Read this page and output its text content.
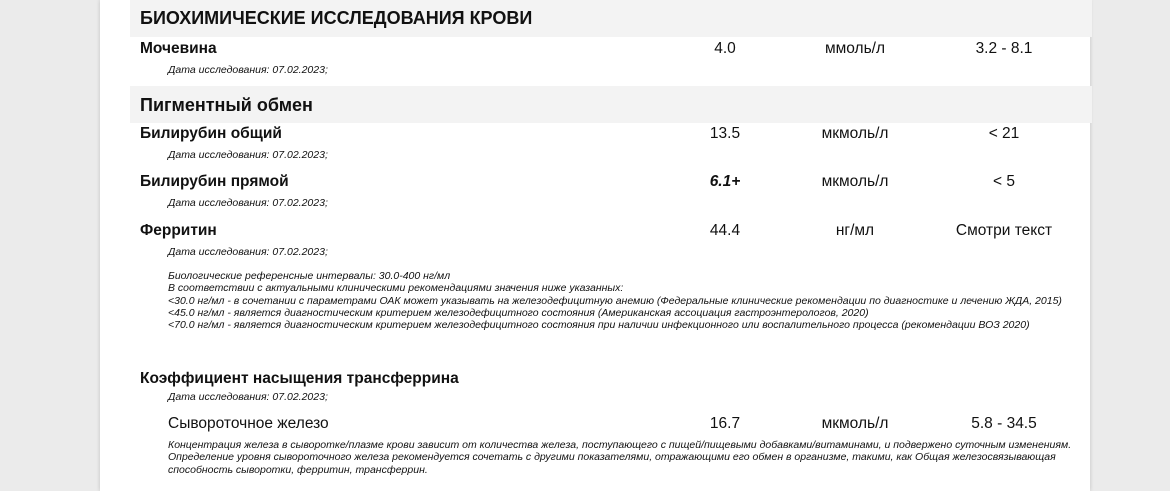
БИОХИМИЧЕСКИЕ ИССЛЕДОВАНИЯ КРОВИ
Мочевина	4.0	ммоль/л	3.2 - 8.1
Дата исследования: 07.02.2023;
Пигментный обмен
Билирубин общий	13.5	мкмоль/л	< 21
Дата исследования: 07.02.2023;
Билирубин прямой	6.1+	мкмоль/л	< 5
Дата исследования: 07.02.2023;
Ферритин	44.4	нг/мл	Смотри текст
Дата исследования: 07.02.2023;
Биологические референсные интервалы: 30.0-400 нг/мл
В соответствии с актуальными клиническими рекомендациями значения ниже указанных:
<30.0 нг/мл - в сочетании с параметрами ОАК может указывать на железодефицитную анемию (Федеральные клинические рекомендации по диагностике и лечению ЖДА, 2015)
<45.0 нг/мл - является диагностическим критерием железодефицитного состояния (Американская ассоциация гастроэнтерологов, 2020)
<70.0 нг/мл - является диагностическим критерием железодефицитного состояния при наличии инфекционного или воспалительного процесса (рекомендации ВОЗ 2020)
Коэффициент насыщения трансферрина
Дата исследования: 07.02.2023;
Сывороточное железо	16.7	мкмоль/л	5.8 - 34.5
Концентрация железа в сыворотке/плазме крови зависит от количества железа, поступающего с пищей/пищевыми добавками/витаминами, и подвержено суточным изменениям. Определение уровня сывороточного железа рекомендуется сочетать с другими показателями, отражающими его обмен в организме, такими, как Общая железосвязывающая способность сыворотки, ферритин, трансферрин.
